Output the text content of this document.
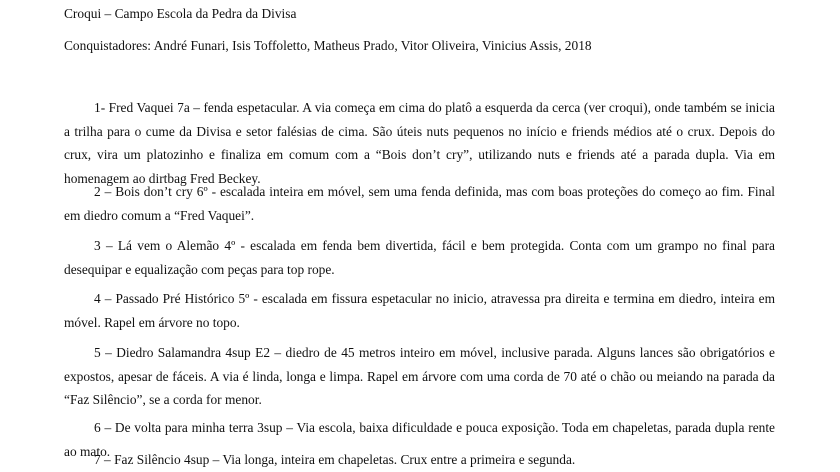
Croqui – Campo Escola da Pedra da Divisa
Conquistadores: André Funari, Isis Toffoletto, Matheus Prado, Vitor Oliveira, Vinicius Assis, 2018
1- Fred Vaquei 7a – fenda espetacular. A via começa em cima do platô a esquerda da cerca (ver croqui), onde também se inicia a trilha para o cume da Divisa e setor falésias de cima. São úteis nuts pequenos no início e friends médios até o crux. Depois do crux, vira um platozinho e finaliza em comum com a “Bois don’t cry”, utilizando nuts e friends até a parada dupla. Via em homenagem ao dirtbag Fred Beckey.
2 – Bois don’t cry 6º - escalada inteira em móvel, sem uma fenda definida, mas com boas proteções do começo ao fim. Final em diedro comum a “Fred Vaquei”.
3 – Lá vem o Alemão 4º - escalada em fenda bem divertida, fácil e bem protegida. Conta com um grampo no final para desequipar e equalização com peças para top rope.
4 – Passado Pré Histórico 5º - escalada em fissura espetacular no inicio, atravessa pra direita e termina em diedro, inteira em móvel. Rapel em árvore no topo.
5 – Diedro Salamandra 4sup E2 – diedro de 45 metros inteiro em móvel, inclusive parada. Alguns lances são obrigatórios e expostos, apesar de fáceis. A via é linda, longa e limpa. Rapel em árvore com uma corda de 70 até o chão ou meiando na parada da “Faz Silêncio”, se a corda for menor.
6 – De volta para minha terra 3sup – Via escola, baixa dificuldade e pouca exposição. Toda em chapeletas, parada dupla rente ao mato.
7 – Faz Silêncio 4sup – Via longa, inteira em chapeletas. Crux entre a primeira e segunda.
